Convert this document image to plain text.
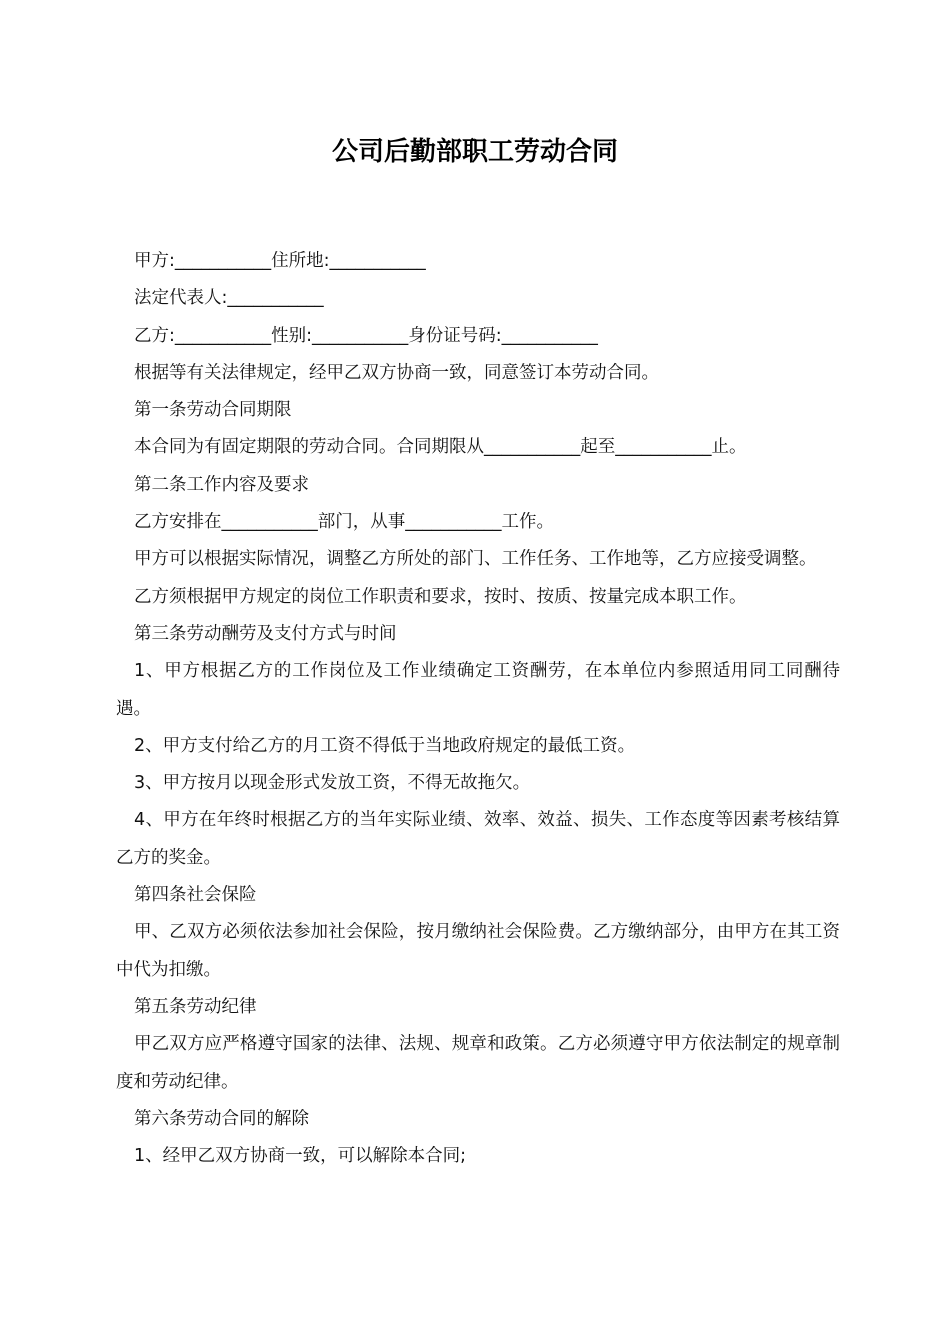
公司后勤部职工劳动合同

甲方:___________住所地:___________

法定代表人:___________

乙方:___________性别:___________身份证号码:___________

根据等有关法律规定，经甲乙双方协商一致，同意签订本劳动合同。

第一条劳动合同期限

本合同为有固定期限的劳动合同。合同期限从___________起至___________止。

第二条工作内容及要求

乙方安排在___________部门，从事___________工作。

甲方可以根据实际情况，调整乙方所处的部门、工作任务、工作地等，乙方应接受调整。

乙方须根据甲方规定的岗位工作职责和要求，按时、按质、按量完成本职工作。

第三条劳动酬劳及支付方式与时间

1、甲方根据乙方的工作岗位及工作业绩确定工资酬劳，在本单位内参照适用同工同酬待遇。

2、甲方支付给乙方的月工资不得低于当地政府规定的最低工资。

3、甲方按月以现金形式发放工资，不得无故拖欠。

4、甲方在年终时根据乙方的当年实际业绩、效率、效益、损失、工作态度等因素考核结算乙方的奖金。

第四条社会保险

甲、乙双方必须依法参加社会保险，按月缴纳社会保险费。乙方缴纳部分，由甲方在其工资中代为扣缴。

第五条劳动纪律

甲乙双方应严格遵守国家的法律、法规、规章和政策。乙方必须遵守甲方依法制定的规章制度和劳动纪律。

第六条劳动合同的解除

1、经甲乙双方协商一致，可以解除本合同;
